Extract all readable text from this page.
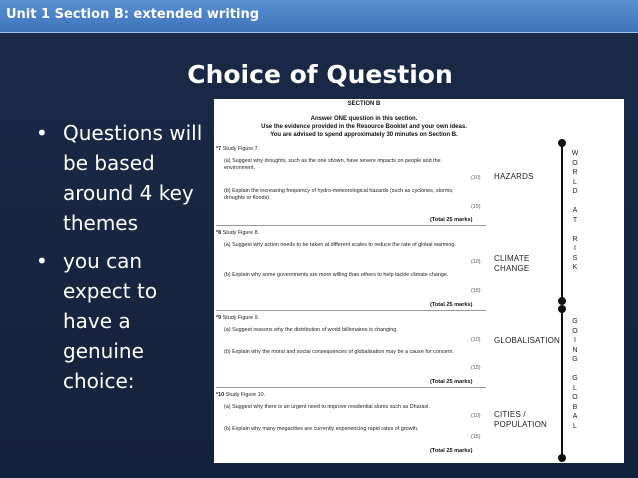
Unit 1 Section B: extended writing
Choice of Question
• Questions will be based around 4 key themes
• you can expect to have a genuine choice:
SECTION B
Answer ONE question in this section.
Use the evidence provided in the Resource Booklet and your own ideas.
You are advised to spend approximately 30 minutes on Section B.
*7 Study Figure 7.
(a) Suggest why droughts, such as the one shown, have severe impacts on people and the environment.
(10)
(b) Explain the increasing frequency of hydro-meteorological hazards (such as cyclones, storms, droughts or floods).
(15)
(Total 25 marks)
HAZARDS
*8 Study Figure 8.
(a) Suggest why action needs to be taken at different scales to reduce the rate of global warming.
(10)
(b) Explain why some governments are more willing than others to help tackle climate change.
(15)
(Total 25 marks)
CLIMATE CHANGE
*9 Study Figure 9.
(a) Suggest reasons why the distribution of world billionaires is changing.
(10)
(b) Explain why the moral and social consequences of globalisation may be a cause for concern.
(15)
(Total 25 marks)
GLOBALISATION
*10 Study Figure 10.
(a) Suggest why there is an urgent need to improve residential slums such as Dharavi.
(10)
(b) Explain why many megacities are currently experiencing rapid rates of growth.
(15)
(Total 25 marks)
CITIES / POPULATION
W
O
R
L
D

A
T

R
I
S
K
G
O
I
N
G

G
L
O
B
A
L
